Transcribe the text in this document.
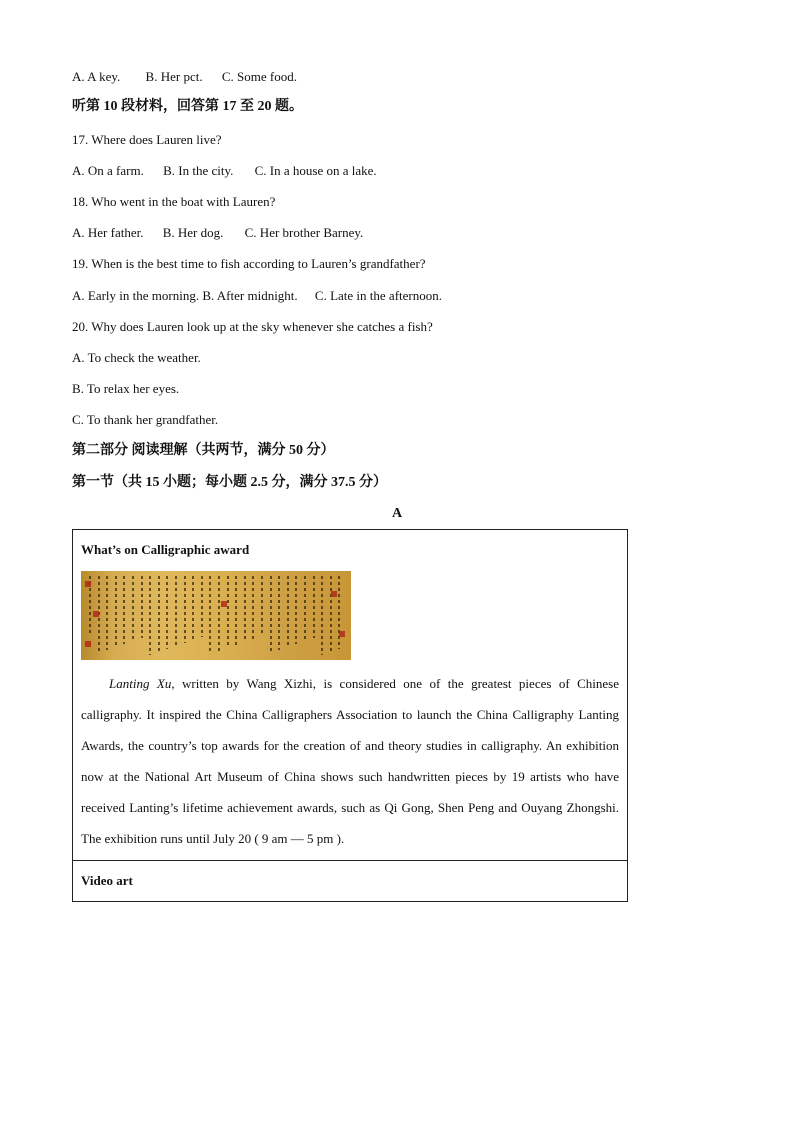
A. A key. B. Her pct. C. Some food.
听第 10 段材料，回答第 17 至 20 题。
17. Where does Lauren live?
A. On a farm. B. In the city. C. In a house on a lake.
18. Who went in the boat with Lauren?
A. Her father. B. Her dog. C. Her brother Barney.
19. When is the best time to fish according to Lauren’s grandfather?
A. Early in the morning. B. After midnight. C. Late in the afternoon.
20. Why does Lauren look up at the sky whenever she catches a fish?
A. To check the weather.
B. To relax her eyes.
C. To thank her grandfather.
第二部分 阅读理解（共两节，满分 50 分）
第一节（共 15 小题；每小题 2.5 分，满分 37.5 分）
A
What’s on Calligraphic award

Lanting Xu, written by Wang Xizhi, is considered one of the greatest pieces of Chinese calligraphy. It inspired the China Calligraphers Association to launch the China Calligraphy Lanting Awards, the country’s top awards for the creation of and theory studies in calligraphy. An exhibition now at the National Art Museum of China shows such handwritten pieces by 19 artists who have received Lanting’s lifetime achievement awards, such as Qi Gong, Shen Peng and Ouyang Zhongshi. The exhibition runs until July 20 ( 9 am — 5 pm ).

Video art
